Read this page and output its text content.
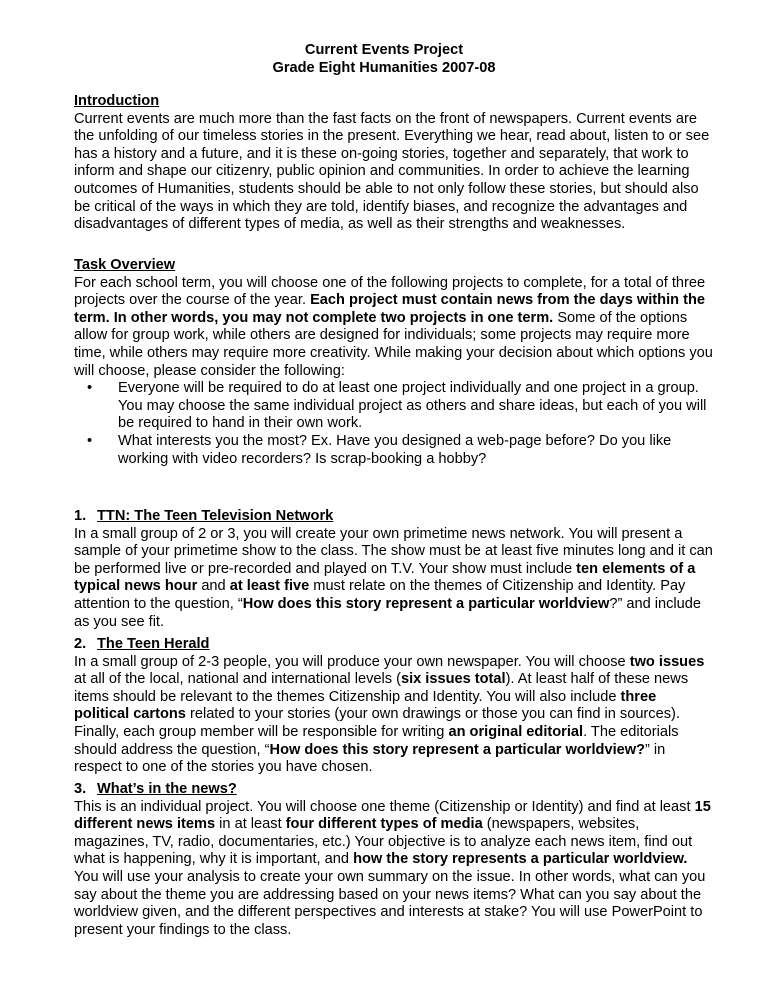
Current Events Project
Grade Eight Humanities 2007-08
Introduction

Current events are much more than the fast facts on the front of newspapers. Current events are the unfolding of our timeless stories in the present. Everything we hear, read about, listen to or see has a history and a future, and it is these on-going stories, together and separately, that work to inform and shape our citizenry, public opinion and communities. In order to achieve the learning outcomes of Humanities, students should be able to not only follow these stories, but should also be critical of the ways in which they are told, identify biases, and recognize the advantages and disadvantages of different types of media, as well as their strengths and weaknesses.

Task Overview

For each school term, you will choose one of the following projects to complete, for a total of three projects over the course of the year. Each project must contain news from the days within the term. In other words, you may not complete two projects in one term. Some of the options allow for group work, while others are designed for individuals; some projects may require more time, while others may require more creativity. While making your decision about which options you will choose, please consider the following:

• Everyone will be required to do at least one project individually and one project in a group. You may choose the same individual project as others and share ideas, but each of you will be required to hand in their own work.
• What interests you the most? Ex. Have you designed a web-page before? Do you like working with video recorders? Is scrap-booking a hobby?
1. TTN: The Teen Television Network

In a small group of 2 or 3, you will create your own primetime news network. You will present a sample of your primetime show to the class. The show must be at least five minutes long and it can be performed live or pre-recorded and played on T.V. Your show must include ten elements of a typical news hour and at least five must relate on the themes of Citizenship and Identity. Pay attention to the question, “How does this story represent a particular worldview?” and include as you see fit.

2. The Teen Herald

In a small group of 2-3 people, you will produce your own newspaper. You will choose two issues at all of the local, national and international levels (six issues total). At least half of these news items should be relevant to the themes Citizenship and Identity. You will also include three political cartons related to your stories (your own drawings or those you can find in sources). Finally, each group member will be responsible for writing an original editorial. The editorials should address the question, “How does this story represent a particular worldview?” in respect to one of the stories you have chosen.

3. What’s in the news?

This is an individual project. You will choose one theme (Citizenship or Identity) and find at least 15 different news items in at least four different types of media (newspapers, websites, magazines, TV, radio, documentaries, etc.) Your objective is to analyze each news item, find out what is happening, why it is important, and how the story represents a particular worldview. You will use your analysis to create your own summary on the issue. In other words, what can you say about the theme you are addressing based on your news items? What can you say about the worldview given, and the different perspectives and interests at stake? You will use PowerPoint to present your findings to the class.
